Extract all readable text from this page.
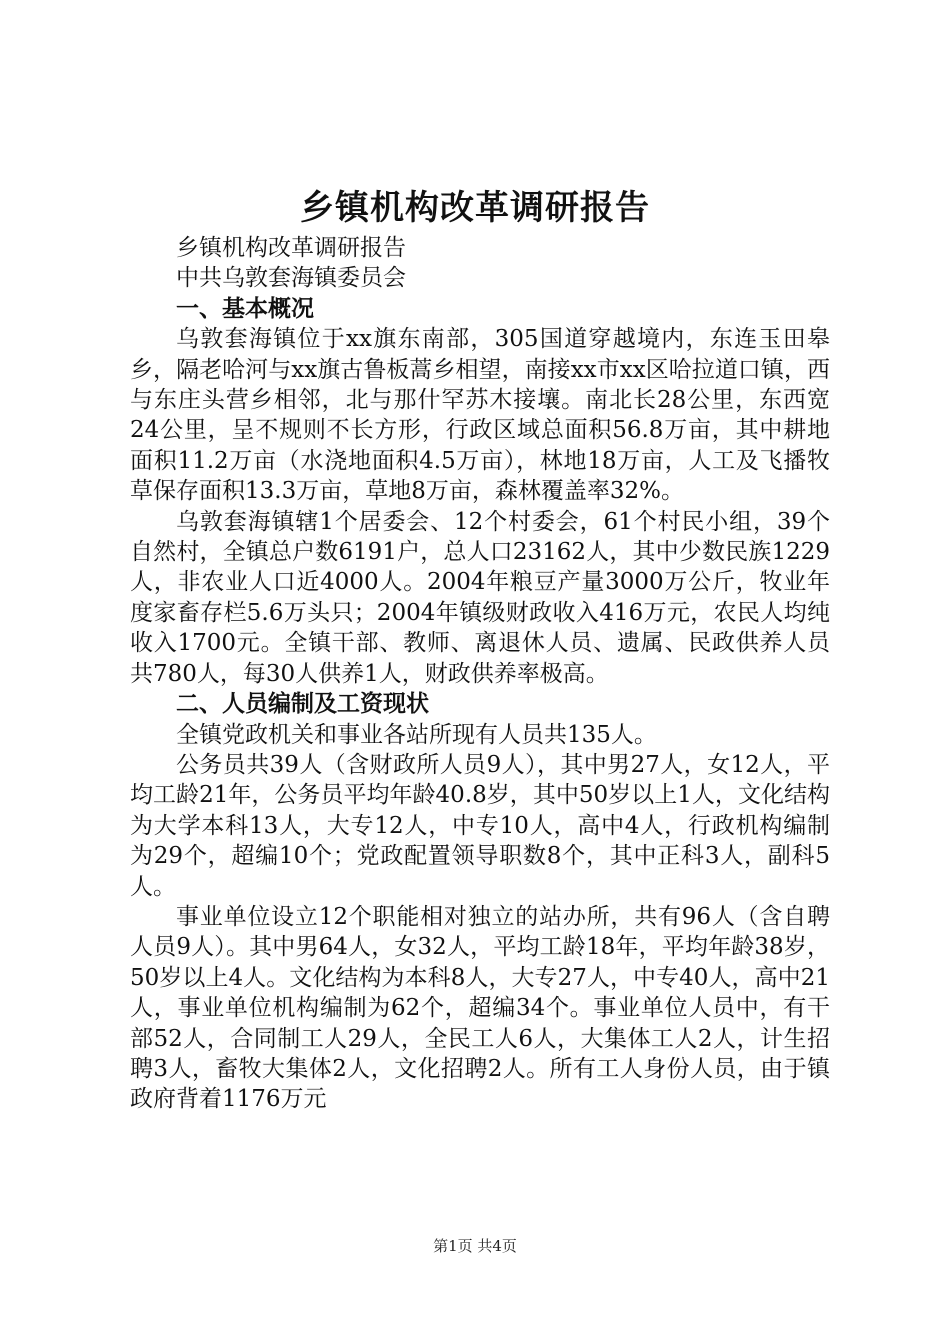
乡镇机构改革调研报告

乡镇机构改革调研报告

中共乌敦套海镇委员会

一、基本概况

乌敦套海镇位于xx旗东南部，305国道穿越境内，东连玉田皋乡，隔老哈河与xx旗古鲁板蒿乡相望，南接xx市xx区哈拉道口镇，西与东庄头营乡相邻，北与那什罕苏木接壤。南北长28公里，东西宽24公里，呈不规则不长方形，行政区域总面积56.8万亩，其中耕地面积11.2万亩（水浇地面积4.5万亩），林地18万亩，人工及飞播牧草保存面积13.3万亩，草地8万亩，森林覆盖率32%。

乌敦套海镇辖1个居委会、12个村委会，61个村民小组，39个自然村，全镇总户数6191户，总人口23162人，其中少数民族1229人，非农业人口近4000人。2004年粮豆产量3000万公斤，牧业年度家畜存栏5.6万头只；2004年镇级财政收入416万元，农民人均纯收入1700元。全镇干部、教师、离退休人员、遗属、民政供养人员共780人，每30人供养1人，财政供养率极高。

二、人员编制及工资现状

全镇党政机关和事业各站所现有人员共135人。

公务员共39人（含财政所人员9人），其中男27人，女12人，平均工龄21年，公务员平均年龄40.8岁，其中50岁以上1人，文化结构为大学本科13人，大专12人，中专10人，高中4人，行政机构编制为29个，超编10个；党政配置领导职数8个，其中正科3人，副科5人。

事业单位设立12个职能相对独立的站办所，共有96人（含自聘人员9人）。其中男64人，女32人，平均工龄18年，平均年龄38岁，50岁以上4人。文化结构为本科8人，大专27人，中专40人，高中21人，事业单位机构编制为62个，超编34个。事业单位人员中，有干部52人，合同制工人29人，全民工人6人，大集体工人2人，计生招聘3人，畜牧大集体2人，文化招聘2人。所有工人身份人员，由于镇政府背着1176万元

第1页 共4页
